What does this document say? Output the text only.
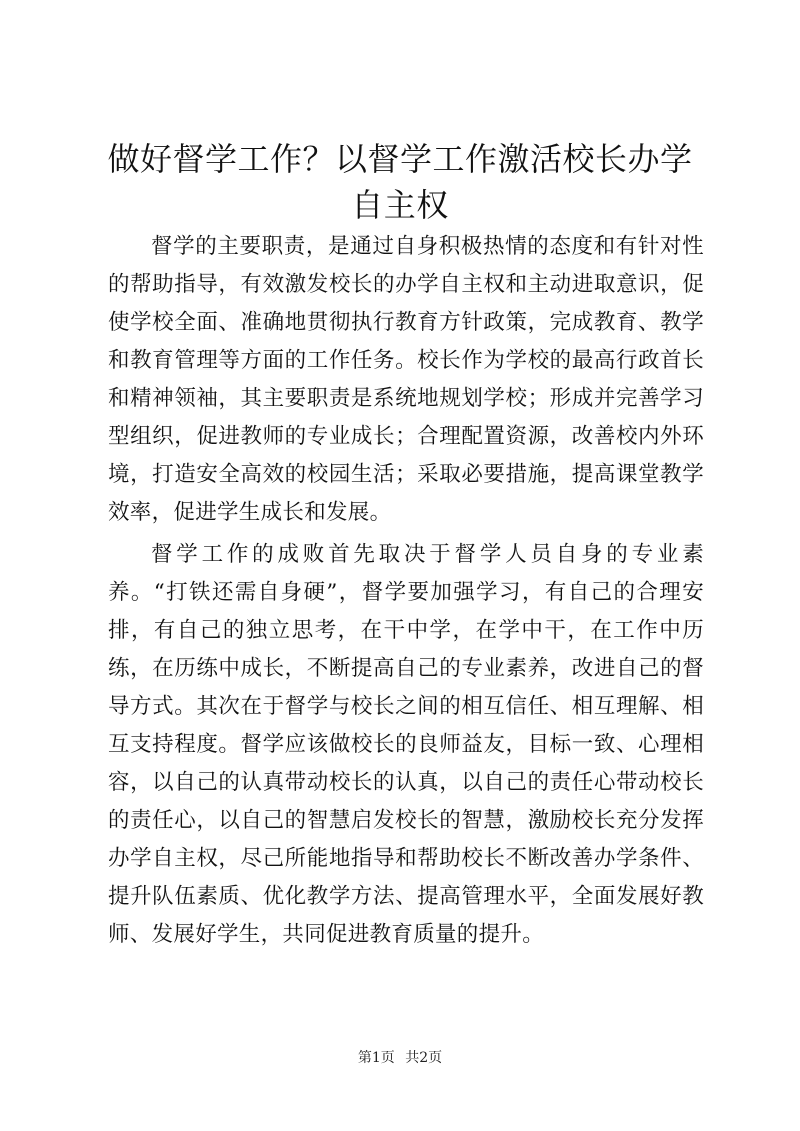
做好督学工作？以督学工作激活校长办学自主权

督学的主要职责，是通过自身积极热情的态度和有针对性的帮助指导，有效激发校长的办学自主权和主动进取意识，促使学校全面、准确地贯彻执行教育方针政策，完成教育、教学和教育管理等方面的工作任务。校长作为学校的最高行政首长和精神领袖，其主要职责是系统地规划学校；形成并完善学习型组织，促进教师的专业成长；合理配置资源，改善校内外环境，打造安全高效的校园生活；采取必要措施，提高课堂教学效率，促进学生成长和发展。

督学工作的成败首先取决于督学人员自身的专业素养。“打铁还需自身硬”，督学要加强学习，有自己的合理安排，有自己的独立思考，在干中学，在学中干，在工作中历练，在历练中成长，不断提高自己的专业素养，改进自己的督导方式。其次在于督学与校长之间的相互信任、相互理解、相互支持程度。督学应该做校长的良师益友，目标一致、心理相容，以自己的认真带动校长的认真，以自己的责任心带动校长的责任心，以自己的智慧启发校长的智慧，激励校长充分发挥办学自主权，尽己所能地指导和帮助校长不断改善办学条件、提升队伍素质、优化教学方法、提高管理水平，全面发展好教师、发展好学生，共同促进教育质量的提升。

第1页 共2页
